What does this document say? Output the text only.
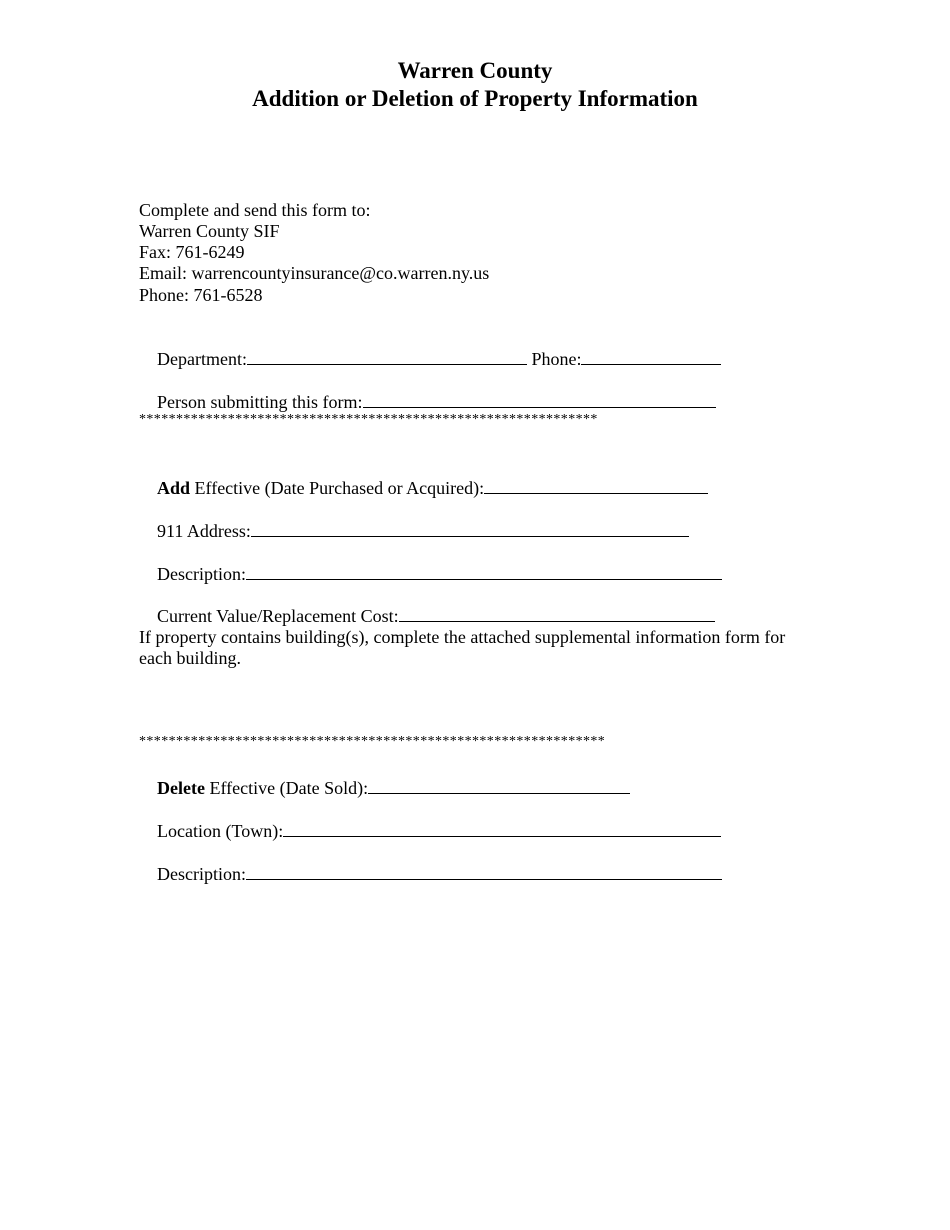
Warren County
Addition or Deletion of Property Information
Complete and send this form to:
Warren County SIF
Fax: 761-6249
Email: warrencountyinsurance@co.warren.ny.us
Phone: 761-6528

Department:	Phone:

Person submitting this form:

**************************************************************

Add Effective (Date Purchased or Acquired):

911 Address:

Description:

Current Value/Replacement Cost:

If property contains building(s), complete the attached supplemental information form for
each building.
***************************************************************

Delete Effective (Date Sold):

Location (Town):

Description:
